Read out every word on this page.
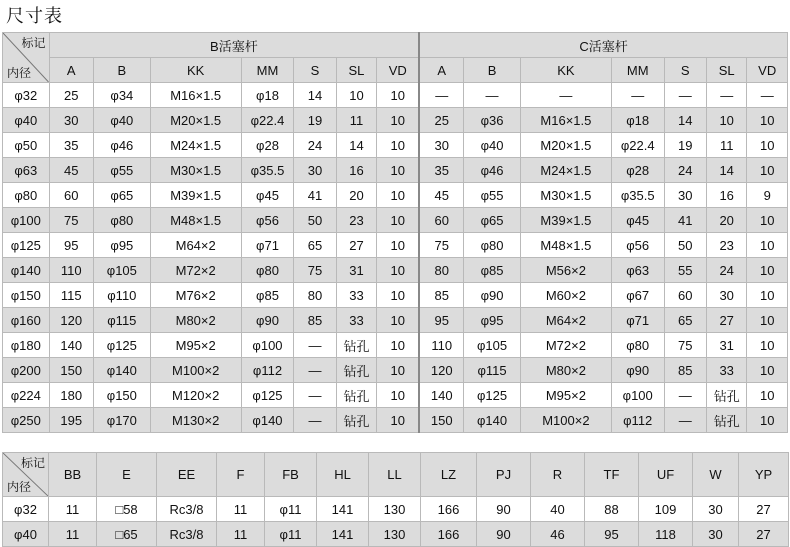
尺寸表
标记
内径	B活塞杆							C活塞杆						
	A	B	KK	MM	S	SL	VD	A	B	KK	MM	S	SL	VD
φ32	25	φ34	M16×1.5	φ18	14	10	10	—	—	—	—	—	—	—
φ40	30	φ40	M20×1.5	φ22.4	19	11	10	25	φ36	M16×1.5	φ18	14	10	10
φ50	35	φ46	M24×1.5	φ28	24	14	10	30	φ40	M20×1.5	φ22.4	19	11	10
φ63	45	φ55	M30×1.5	φ35.5	30	16	10	35	φ46	M24×1.5	φ28	24	14	10
φ80	60	φ65	M39×1.5	φ45	41	20	10	45	φ55	M30×1.5	φ35.5	30	16	9
φ100	75	φ80	M48×1.5	φ56	50	23	10	60	φ65	M39×1.5	φ45	41	20	10
φ125	95	φ95	M64×2	φ71	65	27	10	75	φ80	M48×1.5	φ56	50	23	10
φ140	110	φ105	M72×2	φ80	75	31	10	80	φ85	M56×2	φ63	55	24	10
φ150	115	φ110	M76×2	φ85	80	33	10	85	φ90	M60×2	φ67	60	30	10
φ160	120	φ115	M80×2	φ90	85	33	10	95	φ95	M64×2	φ71	65	27	10
φ180	140	φ125	M95×2	φ100	—	钻孔	10	110	φ105	M72×2	φ80	75	31	10
φ200	150	φ140	M100×2	φ112	—	钻孔	10	120	φ115	M80×2	φ90	85	33	10
φ224	180	φ150	M120×2	φ125	—	钻孔	10	140	φ125	M95×2	φ100	—	钻孔	10
φ250	195	φ170	M130×2	φ140	—	钻孔	10	150	φ140	M100×2	φ112	—	钻孔	10
标记
内径	BB	E	EE	F	FB	HL	LL	LZ	PJ	R	TF	UF	W	YP
φ32	11	□58	Rc3/8	11	φ11	141	130	166	90	40	88	109	30	27
φ40	11	□65	Rc3/8	11	φ11	141	130	166	90	46	95	118	30	27
